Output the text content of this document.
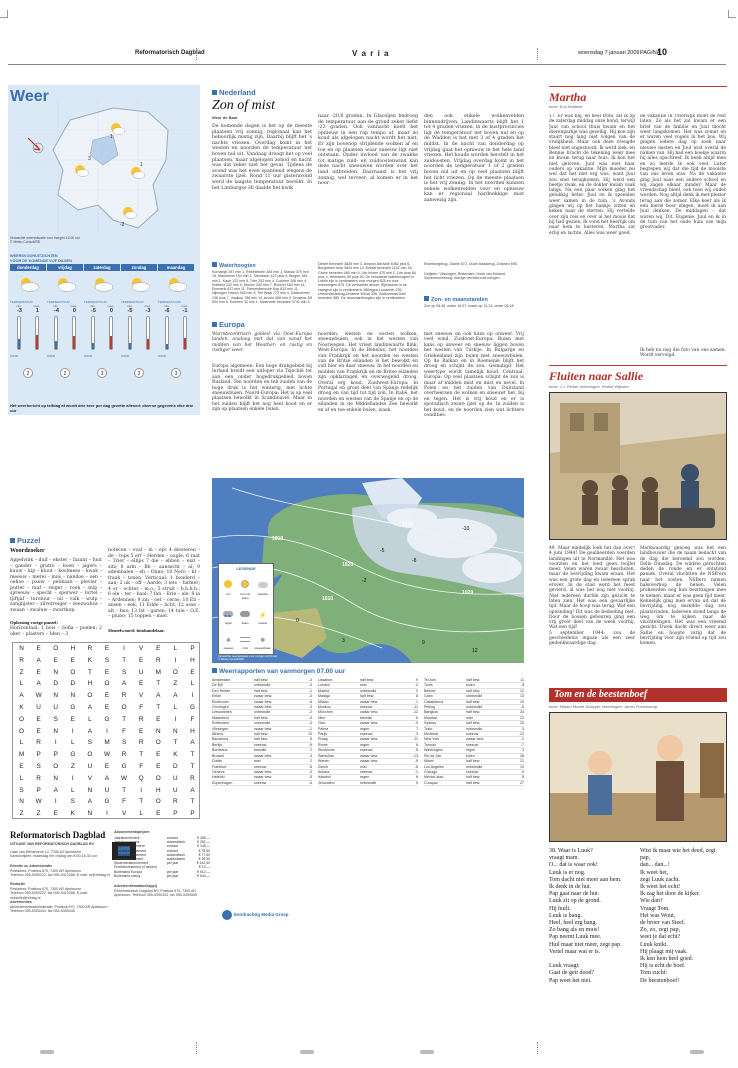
Reformatorisch Dagblad	V a r i a	woensdag 7 januari 2009 PAGINA
10
Weer
1
3
1
-2
Verwachte weerssituatie voor morgen 12.00 uur
© Meteo Consult/RD
WEERSVOORUITZICHTEN
VOOR DE KOMENDE VIJF DAGEN
donderdag
TEMPERATUUR
min.	max.
-3	1
WIND
2
vrijdag
TEMPERATUUR
min.	max.
-4	0
WIND
2
zaterdag
TEMPERATUUR
min.	max.
-5	0
WIND
3
zondag
TEMPERATUUR
min.	max.
-5 -3
WIND
2
maandag
TEMPERATUUR
min.	max.
-6 -1
WIND
3
Het weerbericht op telfdag af wordt drie keer per dag gezette allesed: diverse gegevens elke drie uur
Nederland
Zon of mist
Weer de Baar
De komende dagen is het op de meeste plaatsen vrij zonnig, regionaal kan het behoorlijk mistig zijn. Daarbij blijft het 's nachts vriezen. Overdag komt in het westen en noorden de temperatuur net boven nul uit. Vandaag droogt het op veel plaatsen, maar afgelopen zonod en nacht was dat zeker niet het geval. Tijdens de avond was het even spannend wegens de zwaarste ijzel. Rond 11 uur gisteravond werd de laagste temperatuur bereikt. In het Limburgse Hl daalde het kwik
naar -20,8 graden. In Glaceljen bedroeg de temperatuur aan de grond zeker liefst -23 graden. Ook vannacht koelt het opnieuw in een rap tempo af, maar zo koud als afgelopen nacht wordt het niet. Er zijn bovenop strijdende wolken af en toe en op plaatsen waar sneeuw ligt niet ontstaan. Onder invloed van de zwakke tot matige zuid- en zuidoostenwind kan deze nacht sneeuwen worden over het land uitbreiden. Daarnaast is het vrij zonnig, wel tevreer; al komen er in het noor-
den ook enkele wolkenvelden binnendrijven. Landinwaarts blijft het 1 tot 4 graden vriezen, in de kustprovincies ligt de temperatuur net boven nul en op de Wadden is het met 3 of 4 graden het mildst. In de nacht van donderdag op vrijdag gaat het opnieuw in het hele land vriezen. Het koude worden herstelt in het zuidoosten. Vrijdag overdag komt in het noorden de temperatuur 1 of 2 graden boven nul uit en op veel plaatsen blijft het licht vriezen. Op de meeste plaatsen is het vrij zonnig. In het noorden kunnen enkele wolkenvelden voor en opnieuw kan er regionaal hardnekkige mist aanwezig zijn.
Waterhoogten
Kornamjn 287 min 1, Rheinfelden 384 min 1, Maxau 370 min 18, Mannheim 194 min 1, Steinbach 127 plus 4, Bingen 183 min 1, Kaub 122 min 9, Trier 252 min 4, Cochem 206 min 4, Koblenz 132 min 9, Keulen 205 min 7, Ruhrort 183 min 14, Emmerik 637 min 11, Pannerdensche Kop 812 min 11, Nijmegen Haven 935 min 9, Tiel Waal 773 min 4, Zaltbommel 246 plus 7, Vaalkop 788 min 14, Arcole 468 min 9, Drusene-Dif 594 min 8, Kuienen 32 min 1, Mazirvelle benedes 3742 min 3.
Dintelt beneden 3828 min 3, Ampsin-Neuville 6462 plus 6, Borgharen dorp 3844 min 14, Eefdal beneden 1132 min 18, Grave beneden 485 min 9, Lith boven 470 min 1, Lith dorp 84 plus 4, Heesbeen 50 plus 16. De verwachte waterhoogten in Lobith zijn in centimeters voor morgen 825 en voor overmorgen 875. De verwachte afvoer, Rijnstroom in de vaargeul zijn in centimeters: Millingen-Louisenfn 235, Universiteitsbrug-Drusene Weurt 336, Sluitzomaal Deel beneden 385. De doorvaarthoogten zijn in centimeters:
Elsenburgbrug, Zwolle 572, Oude Maasbrug, Zutphen 695.
Getijden: Vlissingen, Rotterdam, Hoek van Holland, Schiermonnikoog; overige vermeld met morgen.
Zon- en maanstanden
Zon op 08.46, onder 16.47; maan op 13.23, onder 06.18.
Europa
Warmtecentrisch gebied via Oost-Europa landen, analoog met dat van vanaf het midden van het Weather: en rustig en rustiger weer.
Europa algemeen: Een hoge drukgebied bij Ierland breidt een uitloper via Tsjechië tot aan een onder hogedrukgebied boven Rusland. Ten noorden en ten zuiden van de hoge druk is het winterig, met lichte sneeuwbuien. Noord-Europa: Het is op veel plaatsen bewolkt in Scandinavië. Maar in het zuiden blijft het nog heel koud en er zijn op plaatsen enkele buien.
noorden, westen en oosten wolken, sneeuwbuien, ook in het westen van Noorwegen. Het vriest landinwaarts flink. West-Europa: In de Benelux, het noorden van Frankrijk en het noorden en westen van de Britse eilanden is het bewolkt en valt hier en daar sneeuw. In het noorden en midden van Frankrijk en de Britse eilanden zijn opklaringen en overwegend droog. Overal erg koud. Zuidwest-Europa: In Portugal en groot deel van Spanje redelijk droog en van tijd tot tijd zon. In Italië, het noorden en westen van de Spanje en op de eilanden in de Middellandse Zee bewolkt en af en toe enkele buien, waak
met sneeuw en ook kans op onweer. Vrij veel wind. Zuidoost-Europa: Buien met kans op onweer en sneeuw liggen boven het westen van Turkije. In Bulgarije en Griekenland zijn buien met sneeuwbuien. Op de Balkan en in Roemenië blijft het droog en schijnt de zon. Gematigd. Het weertype wordt tamelijk koud. Centraal-Europa: Op veel plaatsen schijnt de zon is maar af midden mist en mist en nevel. In Polen en het zuiden van Duitsland overheersen de wolken en sneeuwt het, bij en tegen. Het is vrij koud en er is sporadisch zware ijzel op de. In zuiden is het koud, en de noorden zien wat lichtere condities.
1020
1010
1030
1020
1010
-5
-2
0
3	9
12
-8
-10
LEGENDE
zon	zon met buien
bewolkt
regen	buien
⚡
onweer
❄
sneeuw	mist
❅
sneeuwbuien
Verwachte weerssituatie voor morgen 12.00 uur
© Meteo Consult/RD
Weerrapporten van vanmorgen 07.00 uur
Amsterdam	half bew.	-3
De Bilt	onbewolkt	-4
Den Helder	half bew.	-1
Eelde	zwaar bew.	-3
Eindhoven	zwaar bew.	-6
Groningen	zwaar bew.	-3
Leeuwarden	onbewolkt	-2
Maastricht	half bew.	-5
Rotterdam	onbewolkt	-4
Vlissingen	zwaar bew.	-1
Athene	half bew.	10
Barcelona	half bew.	6
Berlijn	sneeuw	-9
Bordeaux	bewolkt	2
Brussel	zwaar bew.	-4
Dublin	mist	2
Frankfurt	sneeuw	-8
Genève	zwaar bew.	-3
Helsinki	zwaar bew.	-5
Kopenhagen	sneeuw	-4
Lissabon	half bew.	9
Londen	mist	-2
Madrid	onbewolkt	0
Malaga	half bew.	8
Milaan	zwaar bew.	-1
Moskou	sneeuw	-11
München	zwaar bew.	-12
Nice	bewolkt	6
Oslo	zwaar bew.	-9
Palma	regen	7
Parijs	sneeuw	-3
Praag	zwaar bew.	-11
Rome	regen	6
Stockholm	sneeuw	-8
Warschau	zwaar bew.	-13
Wenen	zwaar bew.	-9
Zürich	mist	-6
Ankara	sneeuw	-1
Istanbul	regen	6
Jeruzalem	onbewolkt	9
Tel Aviv	half bew.	11
Tunis	buien	8
Beiroet	half bew.	12
Caïro	onbewolkt	13
Casablanca	half bew.	10
Peking	onbewolkt	-6
Bangkok	half bew.	24
Mumbai	mist	22
Sydney	half bew.	20
Tokio	onbewolkt	3
Montreal	sneeuw	-12
New York	zwaar bew.	-2
Toronto	sneeuw	-7
Washington	regen	3
Rio de Jan.	buien	26
Miami	half bew.	21
Los Angeles	onbewolkt	10
Chicago	sneeuw	-9
Mexico-stad	half bew.	8
Curaçao	half bew.	27
Puzzel
Woordzoeker
Appelvink – duif – ekster – fazant – fuut – gander – grutto – hoen – jagers – kauw – kip – kluut – koolmees – kwak – meeuw – merel – mus – nandoe – oen – oehoe – pauw – pelikaan – plevier – putter – raaf – reiger – roek – snip – spreeuw – specht – sperwer – tortel – tjiftjaf – tureluur – uil – valk – wulp – zanglijster – zilverreiger – zeezwaluw – zwaan – zwaluw – zwartkop.
Oplossing vorige puzzel:
Horizontaal: 1 bois – Sofia – poelen; 2 oker – plasters – Iden – 3
notecen – oval – in – epc 4 diesteren – de – tops 5 erf – Herden – ougle; 6 raat – Trier – ellips 7 die – ebben – exit – sitz; 8 arm – Bb – aansecht – ai; 9 adembalen – eh – Onno; 10 Nero – bl – fraak – tonen. Verticaal: 1 bonderd – aan; 2 uk – off – Aarde; 3 iets – farmer; 4 or – ochter – m.o.; 5 struit – b.h.h.h.; 6 ole – ter – baal; 7 fan – Erie – ale; 8 ia – Ardennen; 9 zin – oet – ceras; 10 Eli – ansen – eek; 11 Edde – licht; 12 usse – alt – bus; 13 Ist – gisten; 14 tule – O.E. – piuno; 15 toppen – mier.
Sleutelwoord: fotohandelaar.
N	E	O	H	R	E	I	V	E	L	P
R	A	E	E	K	S	T	E	R	I	H
Z	E	N	O	T	E	S	U	M	O	E
L	A	D	D	H	O	A	E	T	Z	L
A	W	N	N	O	E	R	V	A	A	I
K	U	U	G	A	E	O	F	T	L	G
O	E	S	E	L	G	T	R	E	I	F
O	E	N	I	A	I	F	E	N	N	H
L	R	I	L	S	M	S	R	O	T	A
M	P	P	G	O	W	R	T	E	K	T
E	S	O	Z	U	E	G	F	E	D	T
L	R	N	I	V	A	W	Q	O	U	R
S	P	A	L	N	U	T	I	H	U	A
N	W	I	S	A	G	F	T	O	R	T
Z	Z	E	K	N	I	V	L	E	P	P
Reformatorisch Dagblad
UITGAVE VAN REFORMATORISCH DAGBLAD BV
Laan van Westenenk 12, 7336 AZ Apeldoorn
Kantoortijden: maandag t/m vrijdag van 8.00-16.30 uur
Directie en Administratie
Postadres: Postbus 670, 7300 AR Apeldoorn
Telefoon 055-5390222, fax 055-5412288, E-mail: rd@refdag.nl
Redactie
Postadres: Postbus 670, 7300 AR Apeldoorn
Telefoon 055-5390222, fax 055-5412288, E-mail: redactie@refdag.nl
Advertenties
Abonnementsadministratie: Postbus 670, 7300 AR Apeldoorn
Telefoon 055-5390444, fax 055-5390445
Abonnementsprijzen
Jaarabonnement	contant	€ 285,—
Jaarabonnement	automatisch	€ 281,—
Halfjaarabonnement	contant	€ 149,—
Kwartaalabonnement	contant	€ 78,50
Kwartaalabonnement	automatisch	€ 77,50
Maandabonnement	automatisch	€ 26,50
Studentenabonnement	per jaar	€ 142,50
Proefabonnement (4 weken)	€ 10,—
Buitenland Europa	per jaar	€ 512,—
Buitenland overig	per jaar	€ 644,—
Advertentiemaatschappij
Reformatorisch Dagblad BV, Postbus 670, 7300 AR Apeldoorn. Telefoon 055-5390333, fax 055-5390555
Eendrachtig Media Groep
Martha
tekst: Eva Noldeke
17. Er was blij, en heel trots, als ik op de zaterdag middag onze hond, terwijl Juul van school thuis kwam en het dierenparkje was gezellig. Hij kon zijn staart nog lang niet volgen van de vrolijkheid. Maar ook deze vreugde bleef niet ongestoord. Ik werd ziek, en Bennie bracht de tekening weer mee en kwam terug naar huis. Ik kon het niet geloven. Juul was met haar ouders op vakantie. Mijn moeder zei wel dat het niet erg was, want Juul zou snel terugkomen. Hij werd een beetje zwak, en de dokter kwam vaak langs. Na een paar weken ging het gelukkig beter. Juul en ik speelden weer samen in de tuin. 's Avonds gingen wij op het bankje zitten en keken naar de sterren. Hij vertelde over zijn reis en over al het moois dat hij had gezien. Ik vond het heerlijk om naar hem te luisteren. Martha zat erbij en lachte. Alles was weer goed.
de vakantie in Uiterwijk moet de rest laten. Zo als het zat kwam er een brief van de familie en Juul mocht weer langskomen. Het was zomer en er waren veel vogels in het bos. Wij gingen iedere dag op zoek naar nieuwe nesten en Juul wist overal de namen van. Hij had een boekje waarin hij alles opschreef. Ik keek altijd mee en zo leerde ik ook veel. Later begrepen wij dat die tijd de mooiste van ons leven was. Na de vakantie ging Juul naar een andere school en wij zagen elkaar minder. Maar de vriendschap bleef, ook toen wij ouder werden. Nog altijd denk ik met plezier terug aan die zomer. Elke keer als ik een merel hoor zingen, moet ik aan Juul denken. De middagen – dat waren wij, Dit. Eugenie. Juul en ik in de tuin van het oude huis van mijn grootvader.
Ik heb nu nog die foto van ons samen. Wordt vervolgd.
Fluiten naar Sallie
tekst: J.J. Rickel, tekeningen: Roelof Wijkstra
49. Maar eindelijk loek het dan over! 4 juni 1944! De geallieerden voerden landingen uit in Normandië. Het was voorzien en het leed geen twijfel meer. Velen waren zwaar beschoten, maar de bevrijding kwam eraan. Het was een grote dag en iedereen sprak erover. In de stad werd het feest gevierd, al was het nog niet voorbij. Niet iedereen durfde zijn gezicht te laten zien. Het was een gevaarlijke tijd. Maar de hoop was terug. Wat een opwinding! Dit was de bedoeling niet. Door de bossen gebeuren ging een vrij groot deel van de week voorbij. Wat een tijd!
5 september 1944: zou de geschiedenis ingaan als een zeer gedenkwaardige dag.
Merkwaardig genoeg was het een landbouwer die de naam bedacht van de dag die beroemd zou worden, Dolle Dinsdag. De wildste geruchten deden de ronde en er ontstond paniek. Overal vluchtten de NSB'ers naar het oosten. NSBers namen halsoverkop de benen. Velen probeerden nog hun bezittingen mee te nemen, maar er was geen tijd meer. Kennelijk ging men ervan uit dat de bevrijding nog dezelfde dag zou plaatsvinden. Iedereen stond langs de weg om te kijken naar de vluchtelingen. Het was een vreemd gezicht. Dwek dacht direct weer aan Sallie en hoopte vurig dat de bevrijding voor zijn vriend op tijd zou komen.
Tom en de beestenboef
tekst: Mirjam Moree-Schippe, tekeningen: Jacob Posterkamp
38. Waar is Luuk?
vraagt mam.
O... dat is waar ook!
Luuk is er nog.
Tom dacht niet meer aan hem.
Ik denk in de hut.
Pap gaat naar de hut.
Luuk zit op de grond.
Hij huilt.
Luuk is bang.
Heel, heel erg bang.
Zo bang als en muis!
Pap neemt Luuk mee.
Huil maar niet meer, zegt pap.
Vertel maar wat er is.

Luuk vraagt:
Gaat de geit dood?
Pap weet het niet.
Wist ik maar wie het deed, zegt
pap,
dan... dan...!
Ik weet het,
zegt Luuk zacht.
Ik weet het echt!
Ik zag het door de kijker.
Wie dan?
Vraagt Tom.
Het was Wout,
de broer van Steef.
Zo, zo, zegt pap,
weet je dat echt?
Luuk knikt.
Hij plaagt mij vaak.
Ik ken hem heel goed.
Hij is echt de boef.
Tom zucht:
De beestenboef!
